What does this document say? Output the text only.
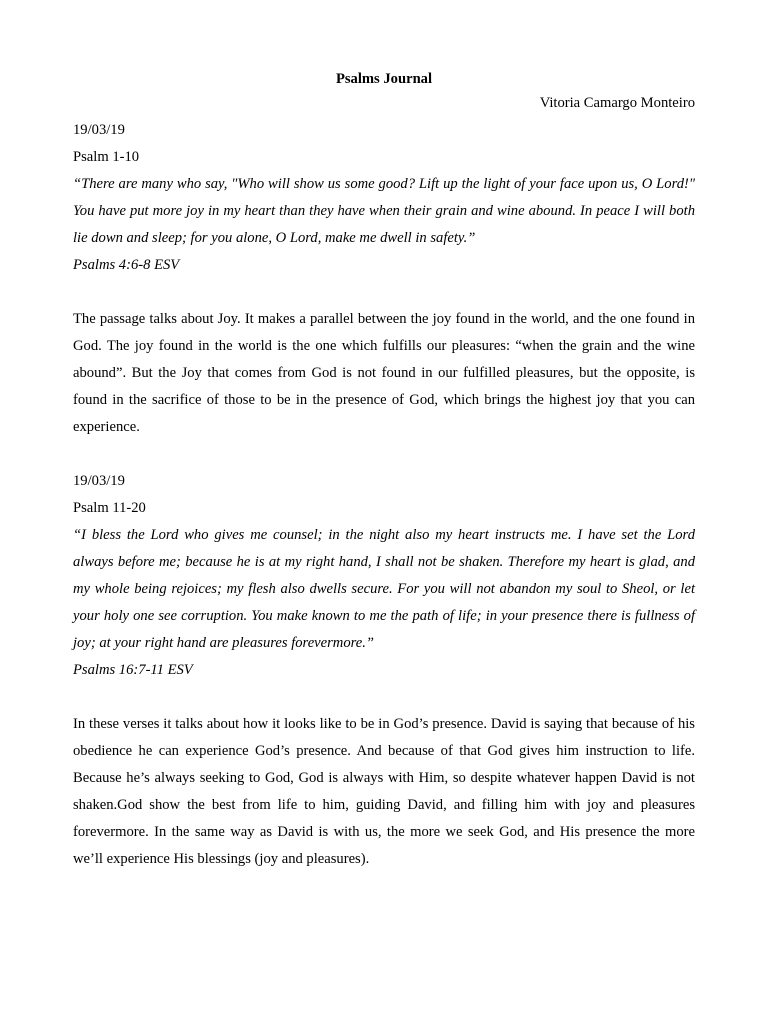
Psalms Journal

Vitoria Camargo Monteiro

19/03/19

Psalm 1-10

“There are many who say, "Who will show us some good? Lift up the light of your face upon us, O Lord!" You have put more joy in my heart than they have when their grain and wine abound. In peace I will both lie down and sleep; for you alone, O Lord, make me dwell in safety.”

Psalms 4:6-8 ESV

The passage talks about Joy. It makes a parallel between the joy found in the world, and the one found in God. The joy found in the world is the one which fulfills our pleasures: “when the grain and the wine abound”. But the Joy that comes from God is not found in our fulfilled pleasures, but the opposite, is found in the sacrifice of those to be in the presence of God, which brings the highest joy that you can experience.

19/03/19

Psalm 11-20

“I bless the Lord who gives me counsel; in the night also my heart instructs me. I have set the Lord always before me; because he is at my right hand, I shall not be shaken. Therefore my heart is glad, and my whole being rejoices; my flesh also dwells secure. For you will not abandon my soul to Sheol, or let your holy one see corruption. You make known to me the path of life; in your presence there is fullness of joy; at your right hand are pleasures forevermore.”

Psalms 16:7-11 ESV

In these verses it talks about how it looks like to be in God’s presence. David is saying that because of his obedience he can experience God’s presence. And because of that God gives him instruction to life. Because he’s always seeking to God, God is always with Him, so despite whatever happen David is not shaken.God show the best from life to him, guiding David, and filling him with joy and pleasures forevermore. In the same way as David is with us, the more we seek God, and His presence the more we’ll experience His blessings (joy and pleasures).
